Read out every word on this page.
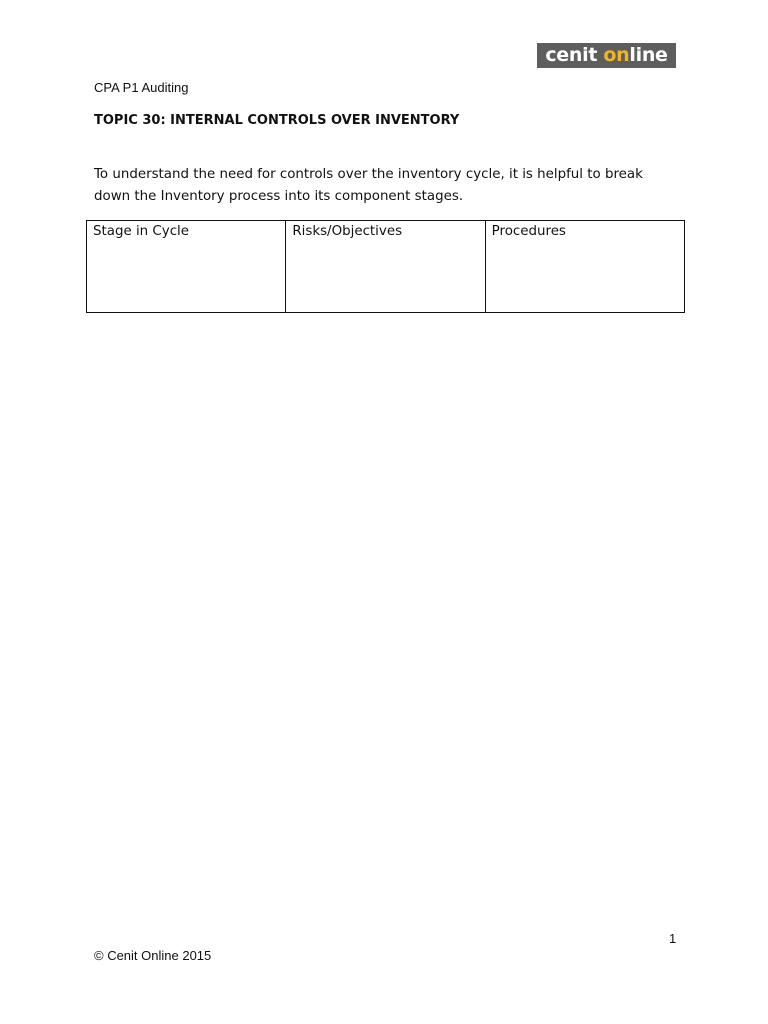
cenit online
CPA P1 Auditing
TOPIC 30: INTERNAL CONTROLS OVER INVENTORY
To understand the need for controls over the inventory cycle, it is helpful to break
down the Inventory process into its component stages.
Stage in Cycle	Risks/Objectives	Procedures
1
© Cenit Online 2015
